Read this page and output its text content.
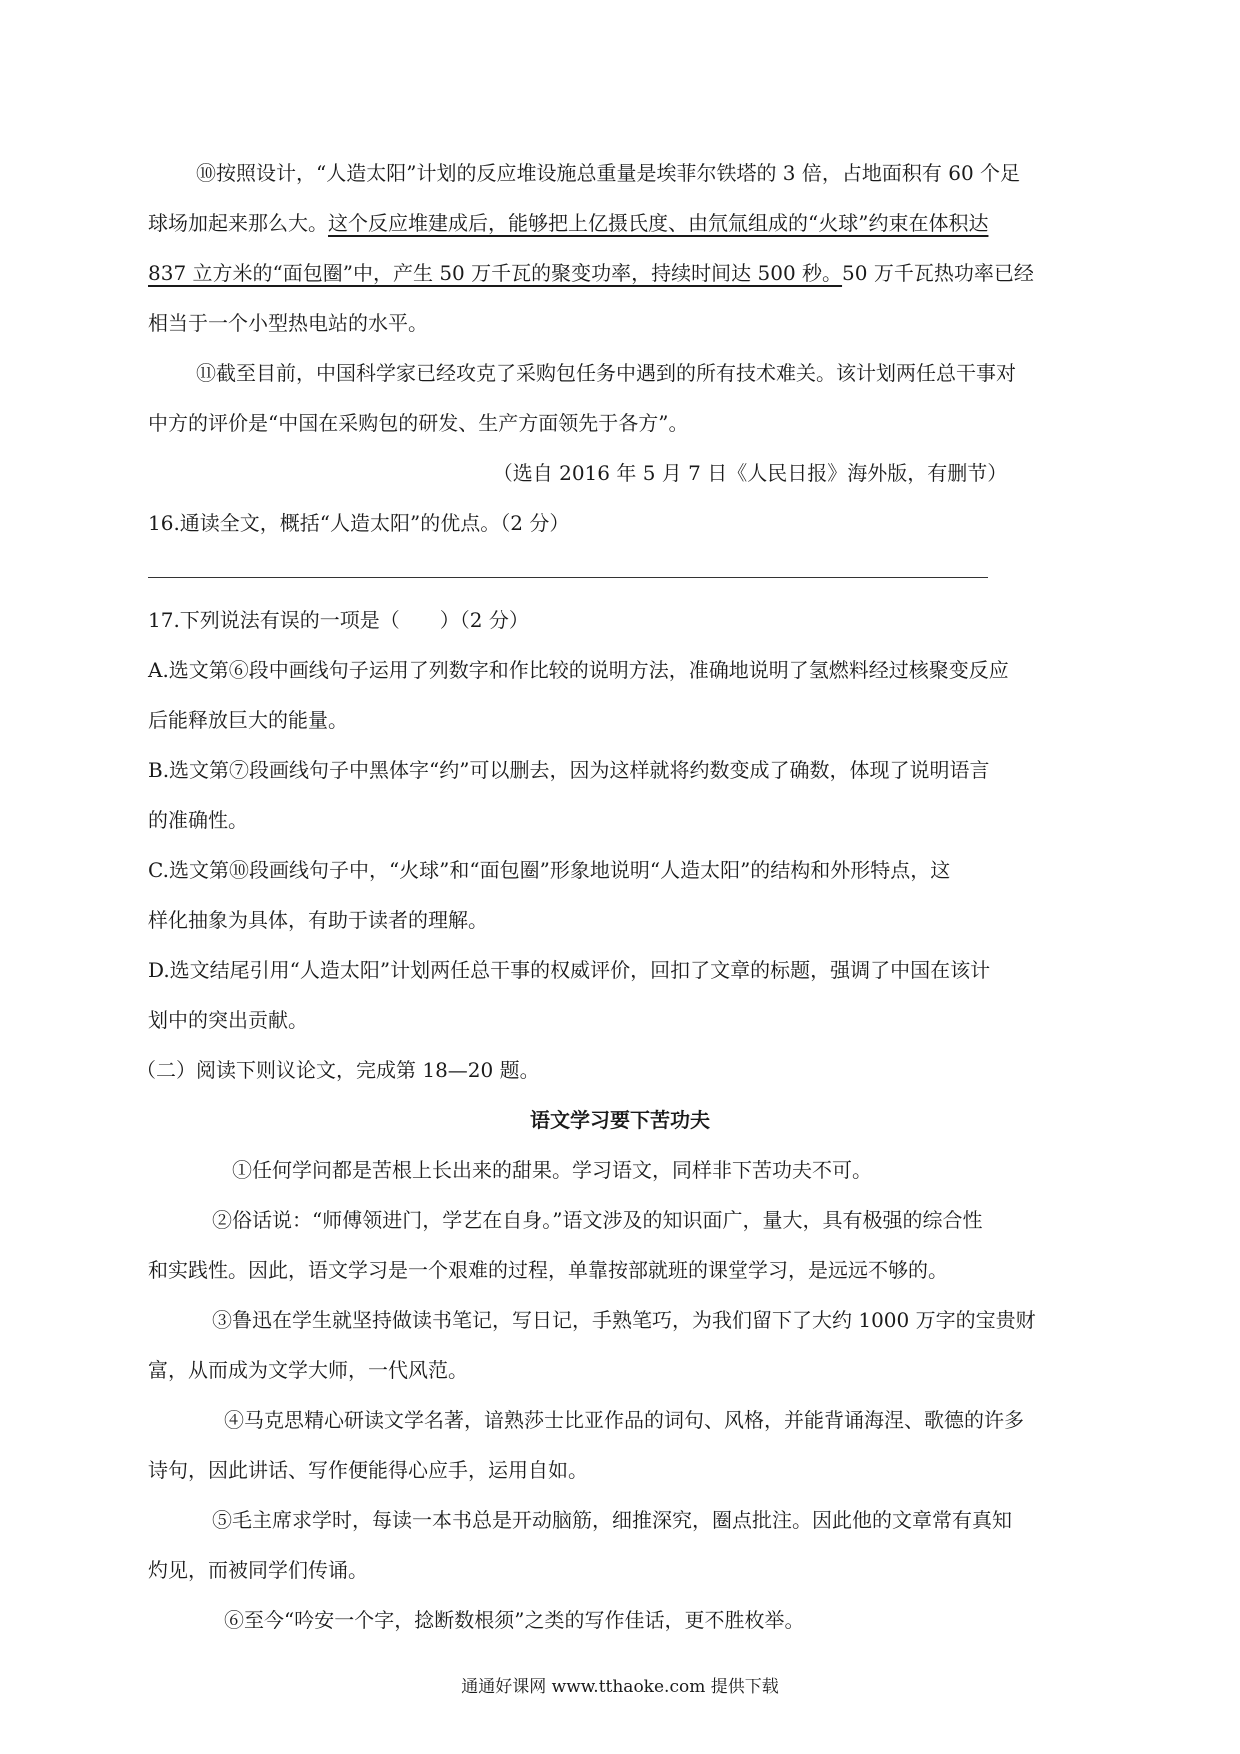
⑩按照设计，“人造太阳”计划的反应堆设施总重量是埃菲尔铁塔的 3 倍，占地面积有 60 个足
球场加起来那么大。这个反应堆建成后，能够把上亿摄氏度、由氘氚组成的“火球”约束在体积达
837 立方米的“面包圈”中，产生 50 万千瓦的聚变功率，持续时间达 500 秒。50 万千瓦热功率已经
相当于一个小型热电站的水平。
⑪截至目前，中国科学家已经攻克了采购包任务中遇到的所有技术难关。该计划两任总干事对
中方的评价是“中国在采购包的研发、生产方面领先于各方”。
（选自 2016 年 5 月 7 日《人民日报》海外版，有删节）
16.通读全文，概括“人造太阳”的优点。（2 分）
17.下列说法有误的一项是（　　）（2 分）
A.选文第⑥段中画线句子运用了列数字和作比较的说明方法，准确地说明了氢燃料经过核聚变反应
后能释放巨大的能量。
B.选文第⑦段画线句子中黑体字“约”可以删去，因为这样就将约数变成了确数，体现了说明语言
的准确性。
C.选文第⑩段画线句子中，“火球”和“面包圈”形象地说明“人造太阳”的结构和外形特点，这
样化抽象为具体，有助于读者的理解。
D.选文结尾引用“人造太阳”计划两任总干事的权威评价，回扣了文章的标题，强调了中国在该计
划中的突出贡献。
（二）阅读下则议论文，完成第 18—20 题。
语文学习要下苦功夫
①任何学问都是苦根上长出来的甜果。学习语文，同样非下苦功夫不可。
②俗话说：“师傅领进门，学艺在自身。”语文涉及的知识面广，量大，具有极强的综合性
和实践性。因此，语文学习是一个艰难的过程，单靠按部就班的课堂学习，是远远不够的。
③鲁迅在学生就坚持做读书笔记，写日记，手熟笔巧，为我们留下了大约 1000 万字的宝贵财
富，从而成为文学大师，一代风范。
④马克思精心研读文学名著，谙熟莎士比亚作品的词句、风格，并能背诵海涅、歌德的许多
诗句，因此讲话、写作便能得心应手，运用自如。
⑤毛主席求学时，每读一本书总是开动脑筋，细推深究，圈点批注。因此他的文章常有真知
灼见，而被同学们传诵。
⑥至今“吟安一个字，捻断数根须”之类的写作佳话，更不胜枚举。
通通好课网 www.tthaoke.com 提供下载
